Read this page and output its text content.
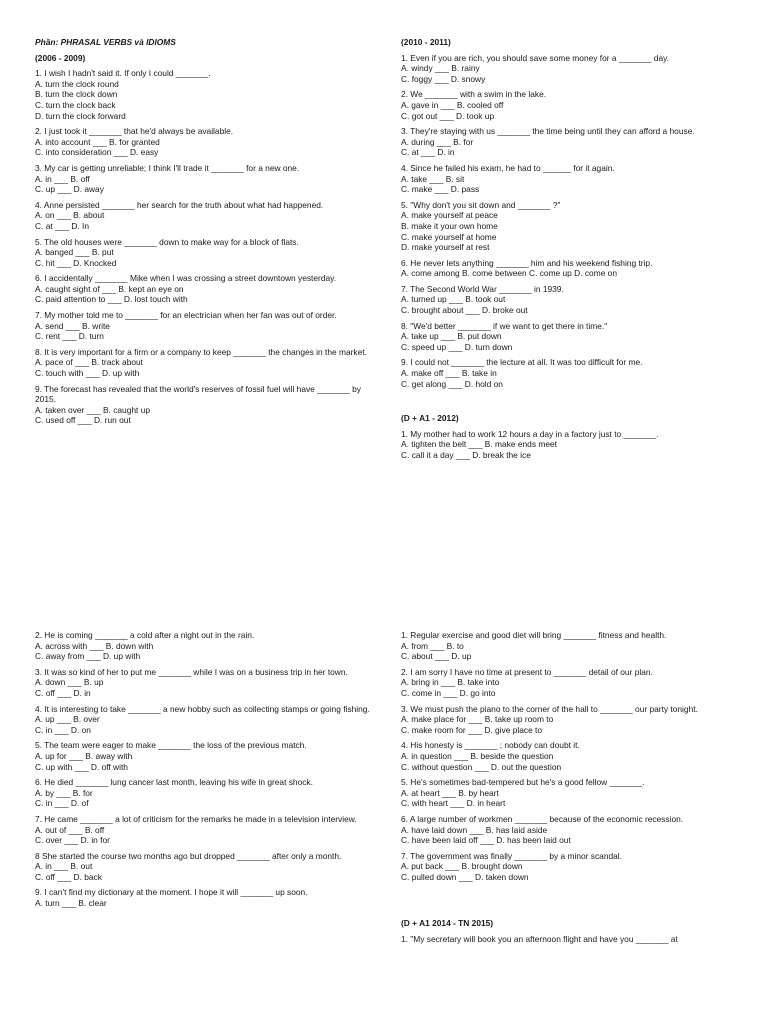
Phần: PHRASAL VERBS và IDIOMS
(2006 - 2009)
1. I wish I hadn't said it. If only I could _______.
A. turn the clock round
B. turn the clock down
C. turn the clock back
D. turn the clock forward
2. I just took it _______ that he'd always be available.
A. into account ___ B. for granted
C. into consideration ___ D. easy
3. My car is getting unreliable; I think I'll trade it _______ for a new one.
A. in ___ B. off
C. up ___ D. away
4. Anne persisted _______ her search for the truth about what had happened.
A. on ___ B. about
C. at ___ D. In
5. The old houses were _______ down to make way for a block of flats.
A. banged ___ B. put
C. hit ___ D. Knocked
6. I accidentally _______ Mike when I was crossing a street downtown yesterday.
A. caught sight of ___ B. kept an eye on
C. paid attention to ___ D. lost touch with
7. My mother told me to _______ for an electrician when her fan was out of order.
A. send ___ B. write
C. rent ___ D. turn
8. It is very important for a firm or a company to keep _______ the changes in the market.
A. pace of ___ B. track about
C. touch with ___ D. up with
9. The forecast has revealed that the world's reserves of fossil fuel will have _______ by 2015.
A. taken over ___ B. caught up
C. used off ___ D. run out
(2010 - 2011)
1. Even if you are rich, you should save some money for a _______ day.
A. windy ___ B. rainy
C. foggy ___ D. snowy
2. We _______ with a swim in the lake.
A. gave in ___ B. cooled off
C. got out ___ D. took up
3. They're staying with us _______ the time being until they can afford a house.
A. during ___ B. for
C. at ___ D. in
4. Since he failed his exam, he had to ______ for it again.
A. take ___ B. sit
C. make ___ D. pass
5. "Why don't you sit down and _______ ?"
A. make yourself at peace
B. make it your own home
C. make yourself at home
D. make yourself at rest
6. He never lets anything _______ him and his weekend fishing trip.
A. come among B. come between C. come up D. come on
7. The Second World War _______ in 1939.
A. turned up ___ B. took out
C. brought about ___ D. broke out
8. "We'd better _______ if we want to get there in time."
A. take up ___ B. put down
C. speed up ___ D. turn down
9. I could not _______ the lecture at all. It was too difficult for me.
A. make off ___ B. take in
C. get along ___ D. hold on
(D + A1 - 2012)
1. My mother had to work 12 hours a day in a factory just to _______.
A. tighten the belt ___ B. make ends meet
C. call it a day ___ D. break the ice
2. He is coming _______ a cold after a night out in the rain.
A. across with ___ B. down with
C. away from ___ D. up with
3. It was so kind of her to put me _______ while I was on a business trip in her town.
A. down ___ B. up
C. off ___ D. in
4. It is interesting to take _______ a new hobby such as collecting stamps or going fishing.
A. up ___ B. over
C. in ___ D. on
5. The team were eager to make _______ the loss of the previous match.
A. up for ___ B. away with
C. up with ___ D. off with
6. He died _______ lung cancer last month, leaving his wife in great shock.
A. by ___ B. for
C. in ___ D. of
7. He came _______ a lot of criticism for the remarks he made in a television interview.
A. out of ___ B. off
C. over ___ D. in for
8 She started the course two months ago but dropped _______ after only a month.
A. in ___ B. out
C. off ___ D. back
9. I can't find my dictionary at the moment. I hope it will _______ up soon.
A. turn ___ B. clear
1. Regular exercise and good diet will bring _______ fitness and health.
A. from ___ B. to
C. about ___ D. up
2. I am sorry I have no time at present to _______ detail of our plan.
A. bring in ___ B. take into
C. come in ___ D. go into
3. We must push the piano to the corner of the hall to _______ our party tonight.
A. make place for ___ B. take up room to
C. make room for ___ D. give place to
4. His honesty is _______ ; nobody can doubt it.
A. in question ___ B. beside the question
C. without question ___ D. out the question
5. He's sometimes bad-tempered but he's a good fellow _______.
A. at heart ___ B. by heart
C. with heart ___ D. in heart
6. A large number of workmen _______ because of the economic recession.
A. have laid down ___ B. has laid aside
C. have been laid off ___ D. has been laid out
7. The government was finally _______ by a minor scandal.
A. put back ___ B. brought down
C. pulled down ___ D. taken down
(D + A1 2014 - TN 2015)
1. "My secretary will book you an afternoon flight and have you _______ at
